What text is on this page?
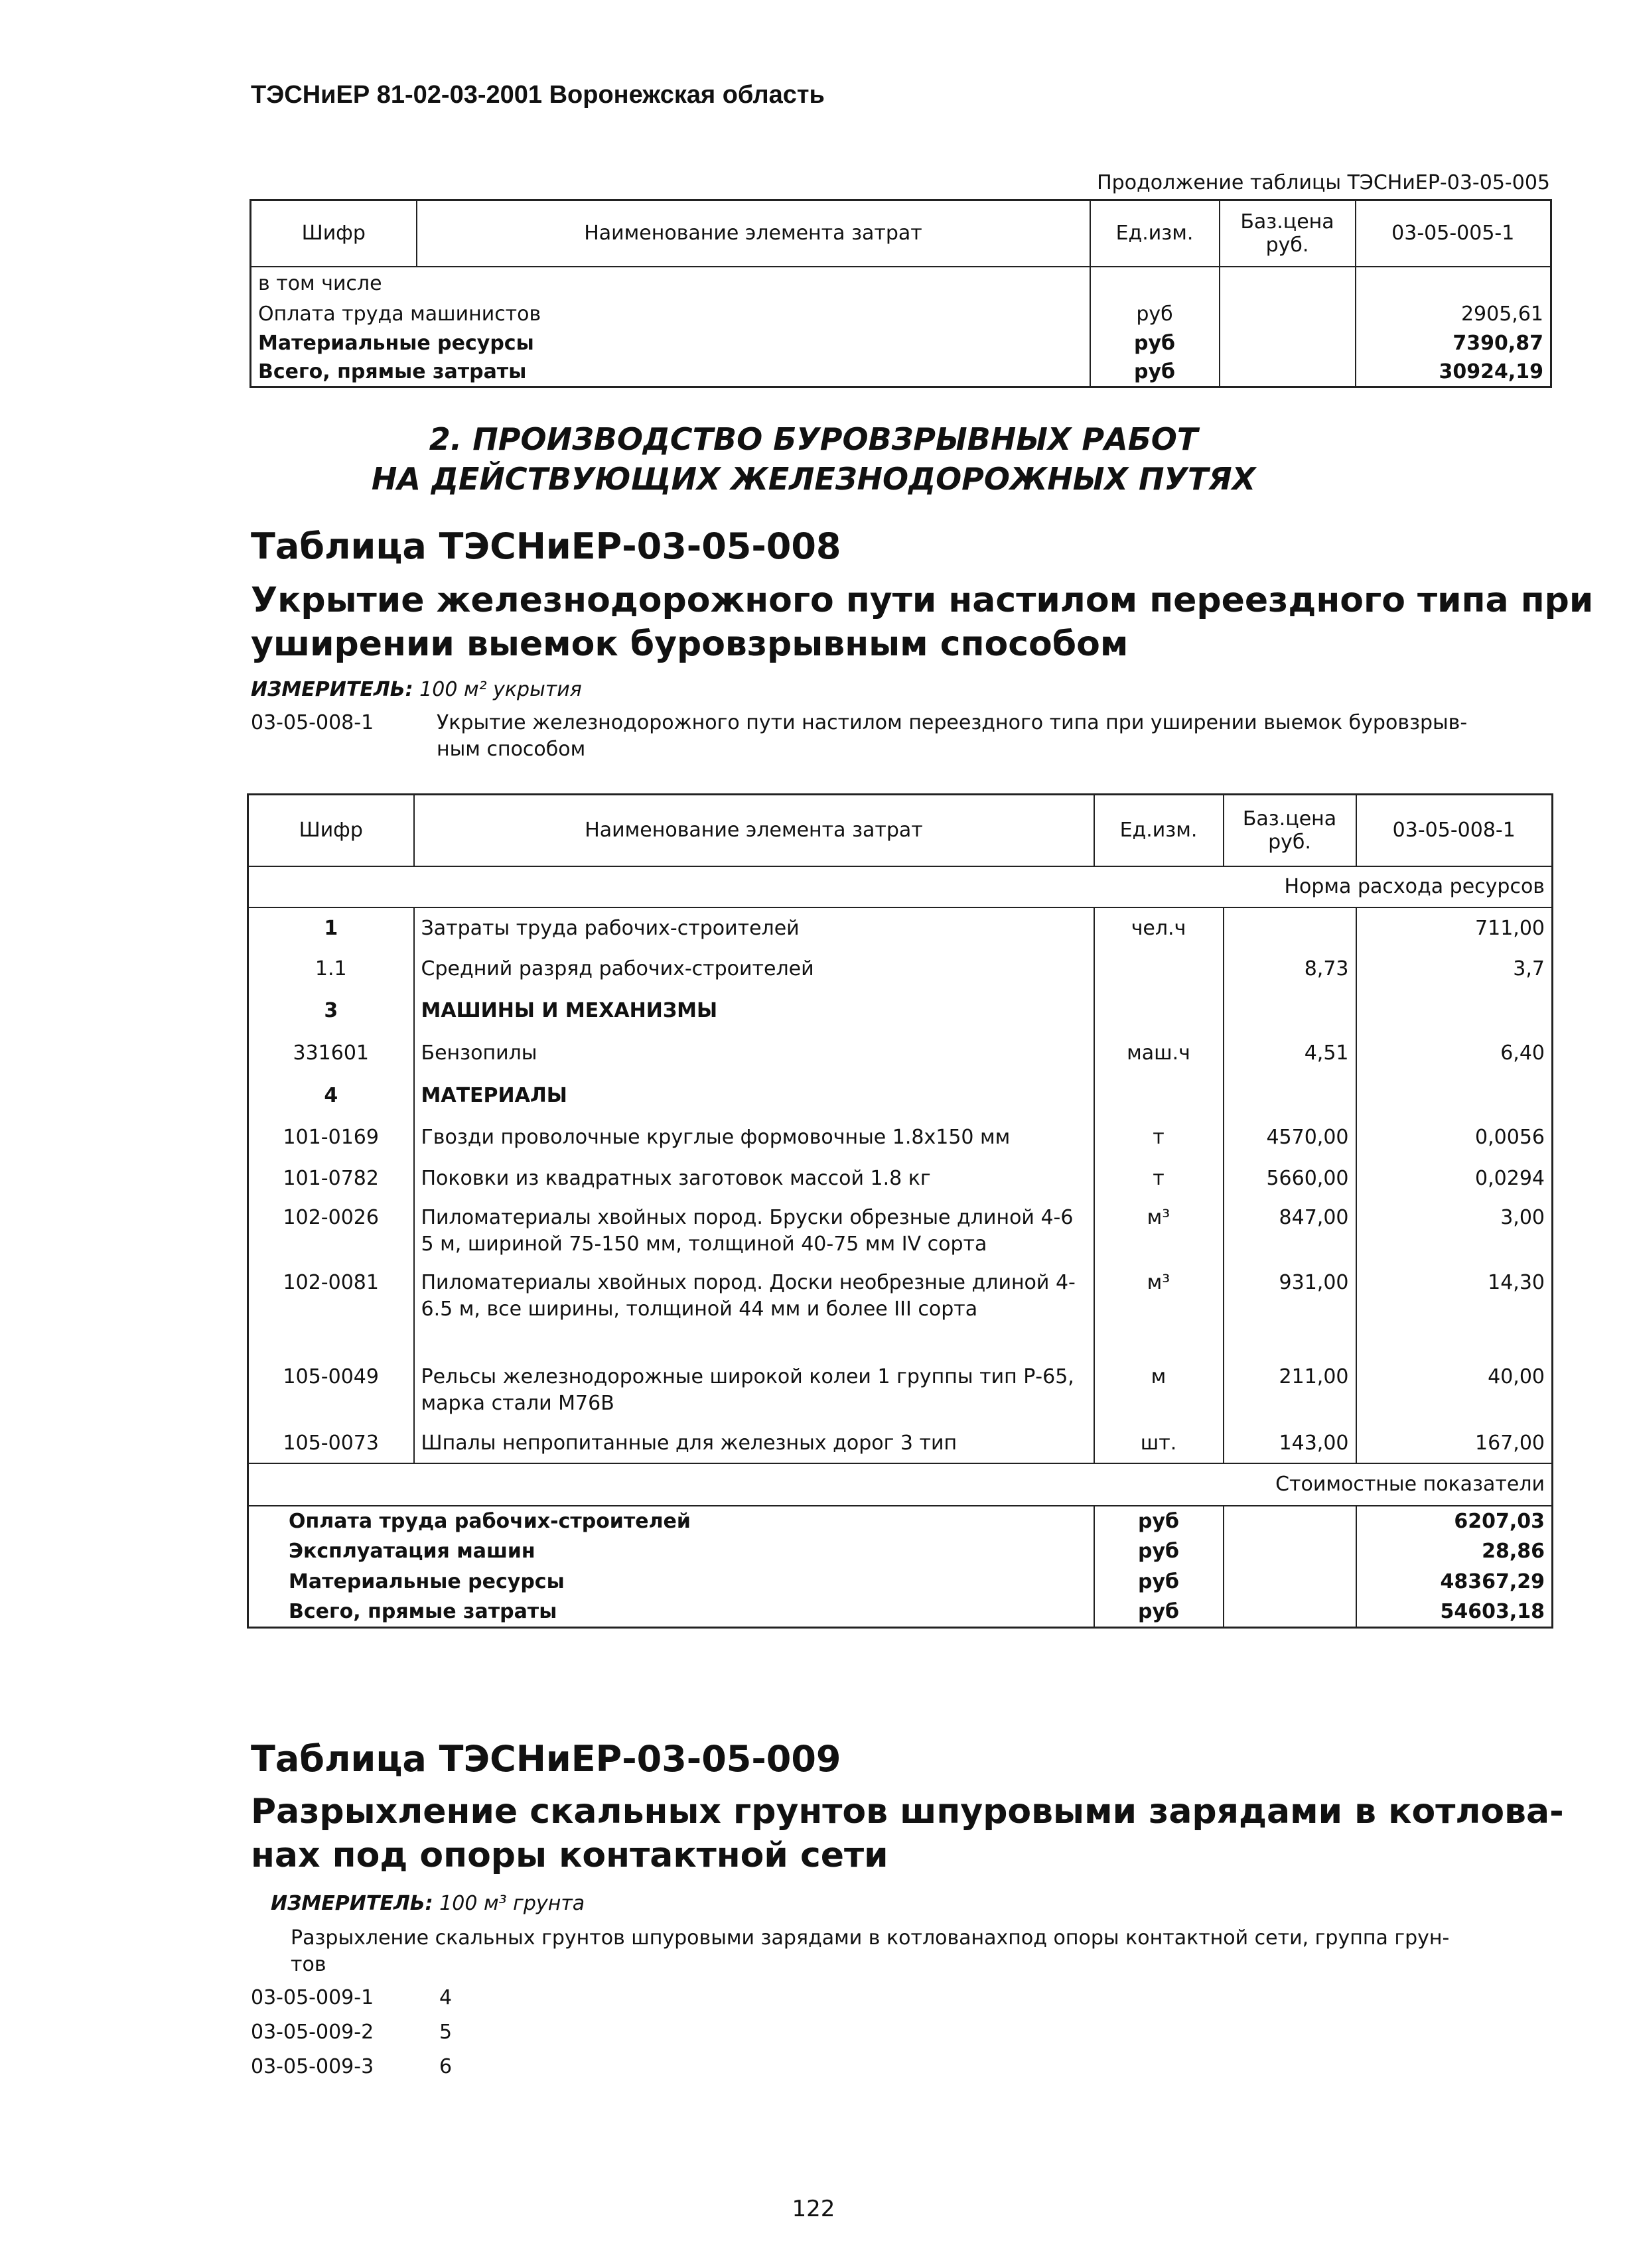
ТЭСНиЕР 81-02-03-2001 Воронежская область
Продолжение таблицы ТЭСНиЕР-03-05-005
Шифр	Наименование элемента затрат	Ед.изм.	Баз.цена руб.	03-05-005-1
в том числе				
Оплата труда машинистов		руб		2905,61
Материальные ресурсы		руб		7390,87
Всего, прямые затраты		руб		30924,19
2. ПРОИЗВОДСТВО БУРОВЗРЫВНЫХ РАБОТ
НА ДЕЙСТВУЮЩИХ ЖЕЛЕЗНОДОРОЖНЫХ ПУТЯХ
Таблица ТЭСНиЕР-03-05-008
Укрытие железнодорожного пути настилом переездного типа при
уширении выемок буровзрывным способом
ИЗМЕРИТЕЛЬ: 100 м² укрытия
03-05-008-1	Укрытие железнодорожного пути настилом переездного типа при уширении выемок буровзрыв-
ным способом
Шифр	Наименование элемента затрат	Ед.изм.	Баз.цена руб.	03-05-008-1
Норма расхода ресурсов				
1	Затраты труда рабочих-строителей	чел.ч		711,00
1.1	Средний разряд рабочих-строителей		8,73	3,7
3	МАШИНЫ И МЕХАНИЗМЫ			
331601	Бензопилы	маш.ч	4,51	6,40
4	МАТЕРИАЛЫ			
101-0169	Гвозди проволочные круглые формовочные 1.8х150 мм	т	4570,00	0,0056
101-0782	Поковки из квадратных заготовок массой 1.8 кг	т	5660,00	0,0294
102-0026	Пиломатериалы хвойных пород. Бруски обрезные длиной 4-6 5 м, шириной 75-150 мм, толщиной 40-75 мм IV сорта	м³	847,00	3,00
102-0081	Пиломатериалы хвойных пород. Доски необрезные длиной 4-6.5 м, все ширины, толщиной 44 мм и более III сорта	м³	931,00	14,30
105-0049	Рельсы железнодорожные широкой колеи 1 группы тип Р-65, марка стали М76В	м	211,00	40,00
105-0073	Шпалы непропитанные для железных дорог 3 тип	шт.	143,00	167,00
Стоимостные показатели				
Оплата труда рабочих-строителей		руб		6207,03
Эксплуатация машин		руб		28,86
Материальные ресурсы		руб		48367,29
Всего, прямые затраты		руб		54603,18
Таблица ТЭСНиЕР-03-05-009
Разрыхление скальных грунтов шпуровыми зарядами в котлова-
нах под опоры контактной сети
ИЗМЕРИТЕЛЬ: 100 м³ грунта
Разрыхление скальных грунтов шпуровыми зарядами в котлованахпод опоры контактной сети, группа грун-
тов
03-05-009-1	4
03-05-009-2	5
03-05-009-3	6
122
